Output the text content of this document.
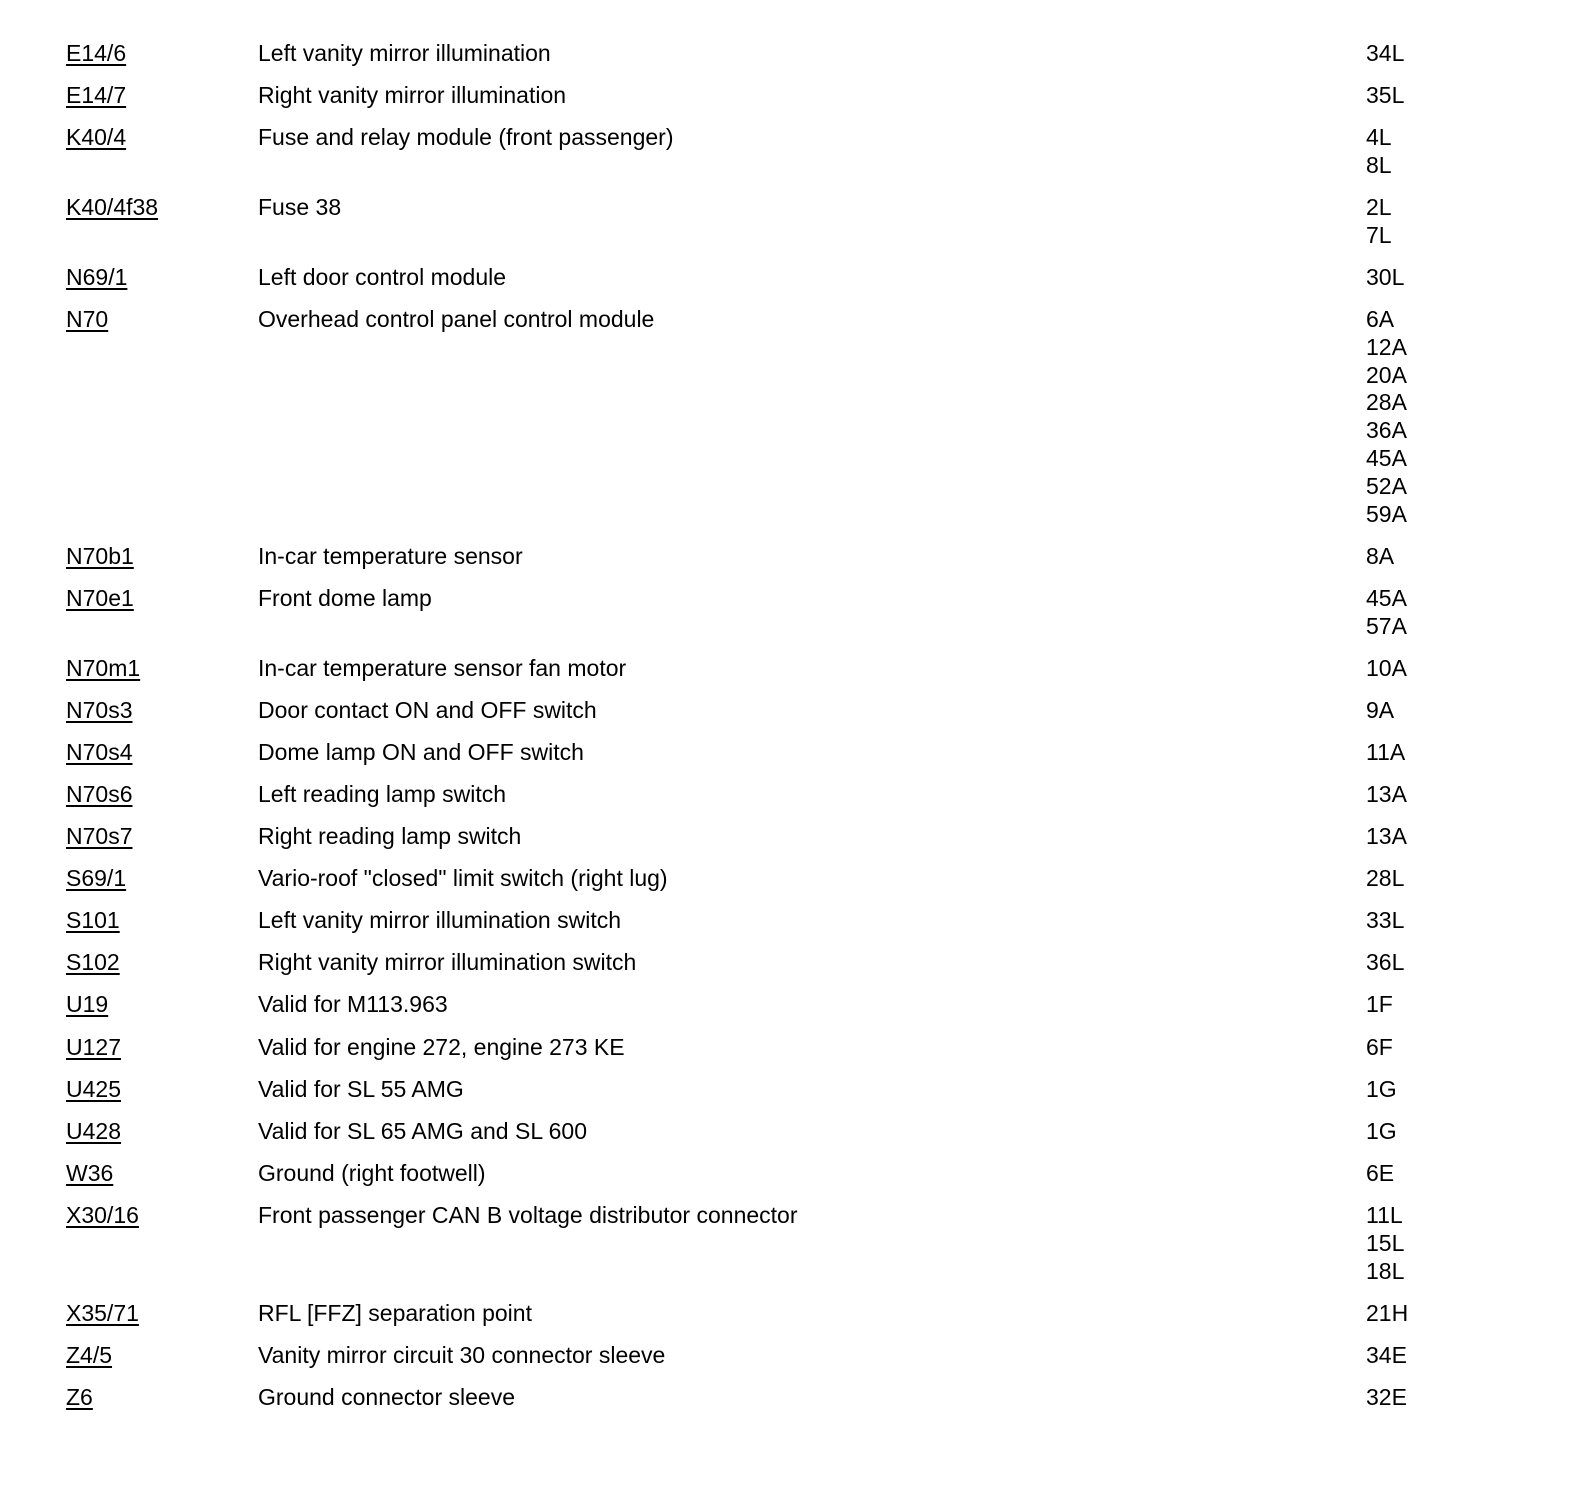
E14/6	Left vanity mirror illumination	34L
E14/7	Right vanity mirror illumination	35L
K40/4	Fuse and relay module (front passenger)	4L
8L
K40/4f38	Fuse 38	2L
7L
N69/1	Left door control module	30L
N70	Overhead control panel control module	6A
12A
20A
28A
36A
45A
52A
59A
N70b1	In-car temperature sensor	8A
N70e1	Front dome lamp	45A
57A
N70m1	In-car temperature sensor fan motor	10A
N70s3	Door contact ON and OFF switch	9A
N70s4	Dome lamp ON and OFF switch	11A
N70s6	Left reading lamp switch	13A
N70s7	Right reading lamp switch	13A
S69/1	Vario-roof "closed" limit switch (right lug)	28L
S101	Left vanity mirror illumination switch	33L
S102	Right vanity mirror illumination switch	36L
U19	Valid for M113.963	1F
U127	Valid for engine 272, engine 273 KE	6F
U425	Valid for SL 55 AMG	1G
U428	Valid for SL 65 AMG and SL 600	1G
W36	Ground (right footwell)	6E
X30/16	Front passenger CAN B voltage distributor connector	11L
15L
18L
X35/71	RFL [FFZ] separation point	21H
Z4/5	Vanity mirror circuit 30 connector sleeve	34E
Z6	Ground connector sleeve	32E
